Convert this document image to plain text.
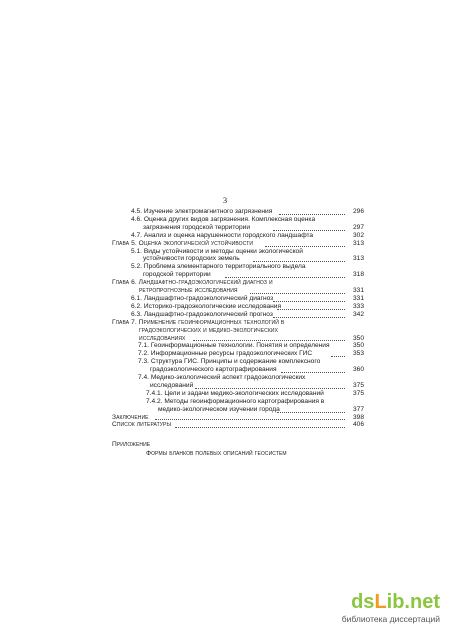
3
4.5. Изучение электромагнитного загрязнения	296
4.6. Оценка других видов загрязнения. Комплексная оценка
загрязнения городской территории	297
4.7. Анализ и оценка нарушенности городского ландшафта	302
Глава 5. Оценка экологической устойчивости	313
5.1. Виды устойчивости и методы оценки экологической
устойчивости городских земель	313
5.2. Проблема элементарного территориального выдела
городской территории	318
Глава 6. Ландшафтно-градоэкологический диагноз и
ретропрогнозные исследования	331
6.1. Ландшафтно-градоэкологический диагноз	331
6.2. Историко-градоэкологические исследования	333
6.3. Ландшафтно-градоэкологический прогноз	342
Глава 7. Применение геоинформационных технологий в
градоэкологических и медико-экологических
исследованиях	350
7.1. Геоинформационные технологии. Понятия и определения	350
7.2. Информационные ресурсы градоэкологических ГИС	353
7.3. Структура ГИС. Принципы и содержание комплексного
градоэкологического картографирования	360
7.4. Медико-экологический аспект градоэкологических
исследований	375
7.4.1. Цели и задачи медико-экологических исследований	375
7.4.2. Методы геоинформационного картографирования в
медико-экологическом изучении города	377
Заключение	398
Список литературы	406
Приложение
Формы бланков полевых описаний геосистем
dsLib.net
библиотека диссертаций
